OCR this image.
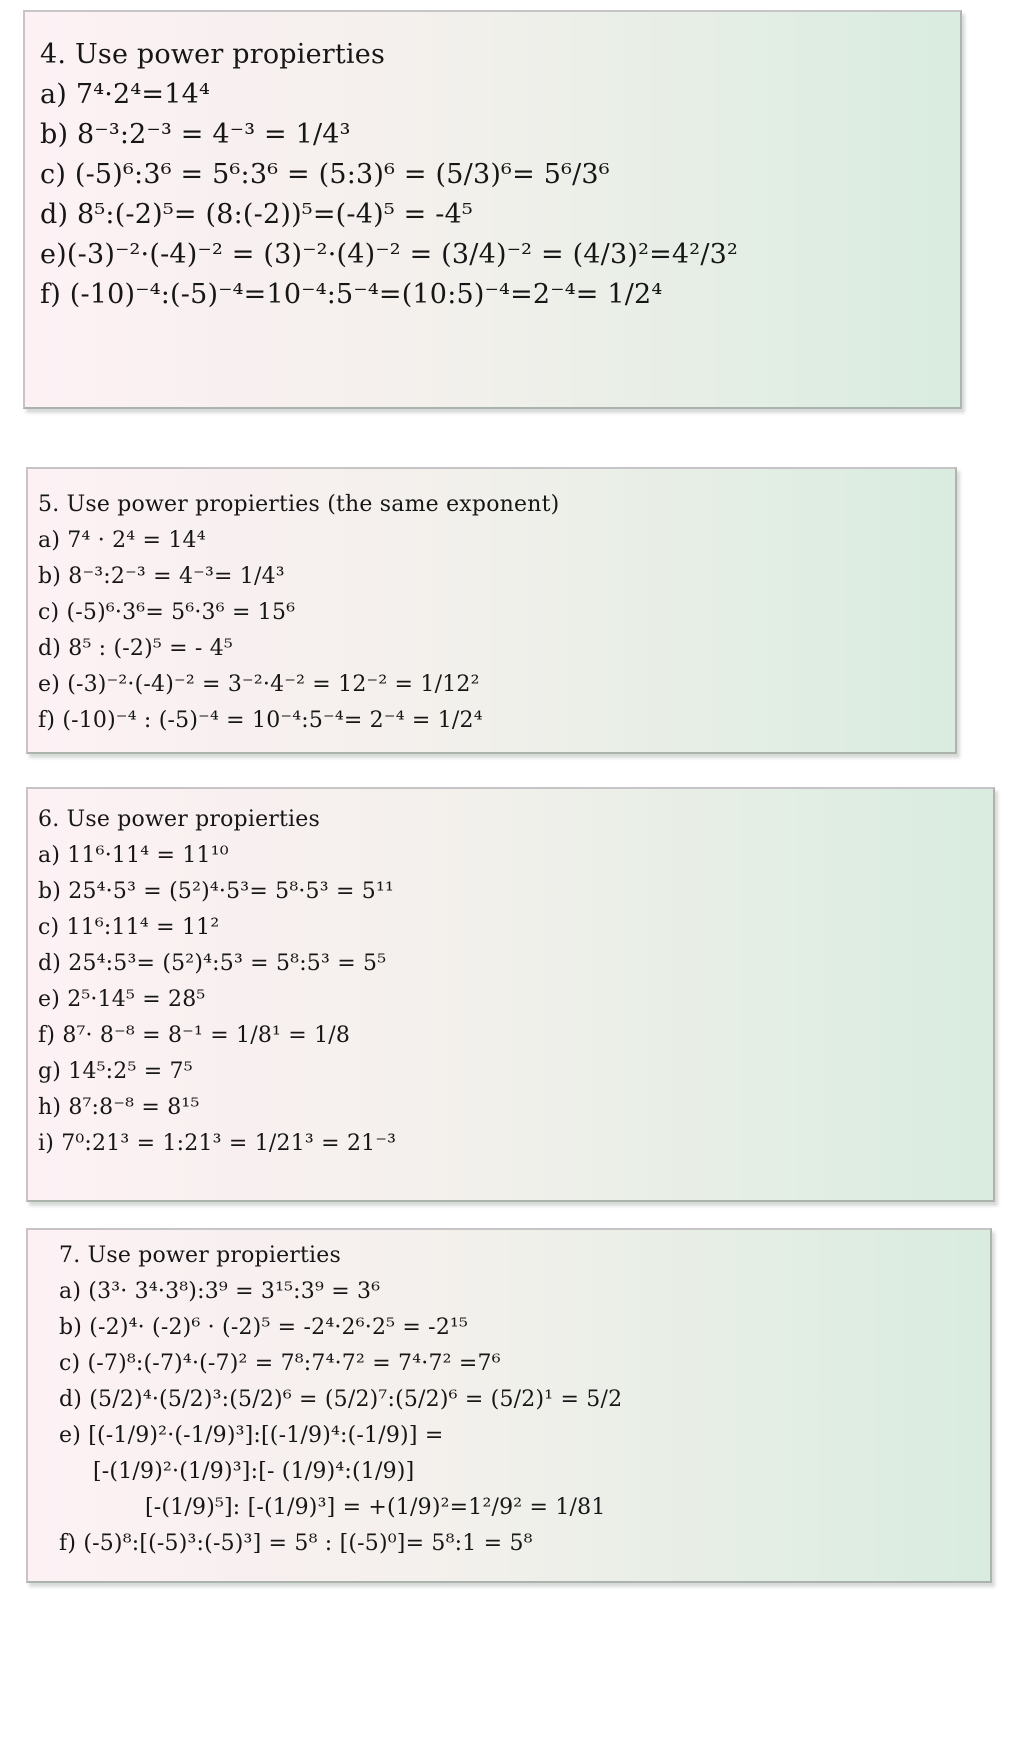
4. Use power propierties
a) 7⁴·2⁴=14⁴
b) 8⁻³:2⁻³ = 4⁻³ = 1/4³
c) (-5)⁶:3⁶ = 5⁶:3⁶ = (5:3)⁶ = (5/3)⁶= 5⁶/3⁶
d) 8⁵:(-2)⁵= (8:(-2))⁵=(-4)⁵ = -4⁵
e)(-3)⁻²·(-4)⁻² = (3)⁻²·(4)⁻² = (3/4)⁻² = (4/3)²=4²/3²
f) (-10)⁻⁴:(-5)⁻⁴=10⁻⁴:5⁻⁴=(10:5)⁻⁴=2⁻⁴= 1/2⁴
5. Use power propierties (the same exponent)
a) 7⁴ · 2⁴ = 14⁴
b) 8⁻³:2⁻³ = 4⁻³= 1/4³
c) (-5)⁶·3⁶= 5⁶·3⁶ = 15⁶
d) 8⁵ : (-2)⁵ = - 4⁵
e) (-3)⁻²·(-4)⁻² = 3⁻²·4⁻² = 12⁻² = 1/12²
f) (-10)⁻⁴ : (-5)⁻⁴ = 10⁻⁴:5⁻⁴= 2⁻⁴ = 1/2⁴
6. Use power propierties
a) 11⁶·11⁴ = 11¹⁰
b) 25⁴·5³ = (5²)⁴·5³= 5⁸·5³ = 5¹¹
c) 11⁶:11⁴ = 11²
d) 25⁴:5³= (5²)⁴:5³ = 5⁸:5³ = 5⁵
e) 2⁵·14⁵ = 28⁵
f) 8⁷· 8⁻⁸ = 8⁻¹ = 1/8¹ = 1/8
g) 14⁵:2⁵ = 7⁵
h) 8⁷:8⁻⁸ = 8¹⁵
i) 7⁰:21³ = 1:21³ = 1/21³ = 21⁻³
7. Use power propierties
a) (3³· 3⁴·3⁸):3⁹ = 3¹⁵:3⁹ = 3⁶
b) (-2)⁴· (-2)⁶ · (-2)⁵ = -2⁴·2⁶·2⁵ = -2¹⁵
c) (-7)⁸:(-7)⁴·(-7)² = 7⁸:7⁴·7² = 7⁴·7² =7⁶
d) (5/2)⁴·(5/2)³:(5/2)⁶ = (5/2)⁷:(5/2)⁶ = (5/2)¹ = 5/2
e) [(-1/9)²·(-1/9)³]:[(-1/9)⁴:(-1/9)] =
[-(1/9)²·(1/9)³]:[- (1/9)⁴:(1/9)]
[-(1/9)⁵]: [-(1/9)³] = +(1/9)²=1²/9² = 1/81
f) (-5)⁸:[(-5)³:(-5)³] = 5⁸ : [(-5)⁰]= 5⁸:1 = 5⁸
